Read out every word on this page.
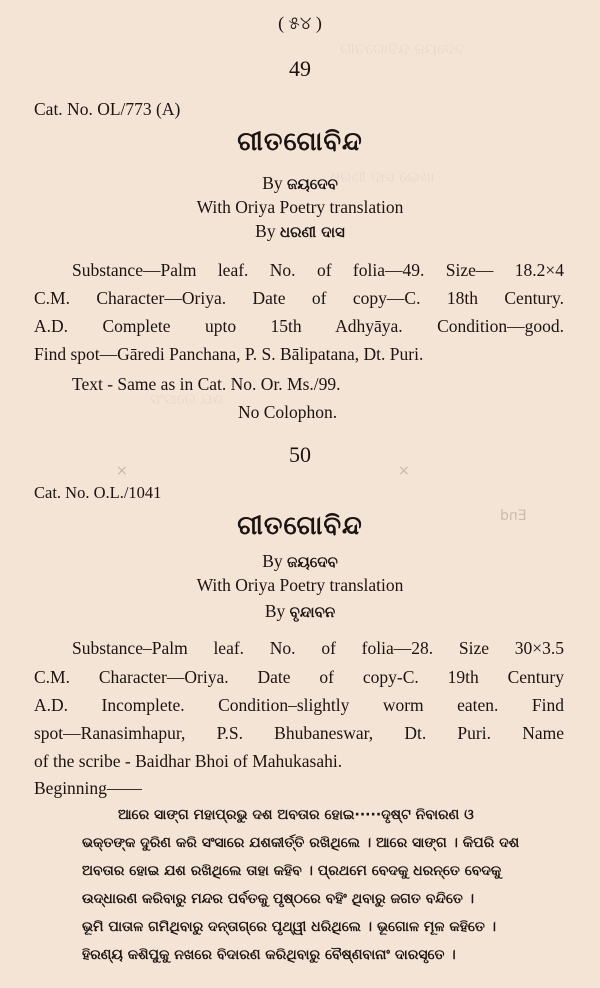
ଗୀତଗୋବିନ୍ଦ ଜୟଦେବ
ଧରଣୀ ଦାସ ଲେଖା
ସଂସାରେ ଯଶ
×	×
End
( ୫୪ )
49
Cat. No. OL/773 (A)
ଗୀତଗୋବିନ୍ଦ
By ଜୟଦେବ
With Oriya Poetry translation
By ଧରଣୀ ଦାସ
Substance—Palm leaf. No. of folia—49. Size— 18.2×4
C.M. Character—Oriya. Date of copy—C. 18th Century.
A.D. Complete upto 15th Adhyāya. Condition—good.
Find spot—Gāredi Panchana, P. S. Bālipatana, Dt. Puri.
Text - Same as in Cat. No. Or. Ms./99.
No Colophon.
50
Cat. No. O.L./1041
ଗୀତଗୋବିନ୍ଦ
By ଜୟଦେବ
With Oriya Poetry translation
By ବୃନ୍ଦାବନ
Substance–Palm leaf. No. of folia—28. Size 30×3.5
C.M. Character—Oriya. Date of copy-C. 19th Century
A.D. Incomplete. Condition–slightly worm eaten. Find
spot—Ranasimhapur, P.S. Bhubaneswar, Dt. Puri. Name
of the scribe - Baidhar Bhoi of Mahukasahi.
Beginning——
ଆରେ ସାଙ୍ଗ ମହାପ୍ରଭୁ ଦଶ ଅବତାର ହୋଇ·····ଦୃଷ୍ଟ ନିବାରଣ ଓ
ଭକ୍ତଙ୍କ ଦୁରିଣ କରି ସଂସାରେ ଯଶକୀର୍ତ୍ତି ରଖିଥିଲେ । ଆରେ ସାଙ୍ଗ । କିପରି ଦଶ
ଅବତାର ହୋଇ ଯଶ ରଖିଥିଲେ ତାହା କହିବ । ପ୍ରଥମେ ବେଦକୁ ଧରନ୍ତେ ବେଦକୁ
ଉଦ୍ଧାରଣ କରିବାରୁ ମନ୍ଦର ପର୍ବତକୁ ପୃଷ୍ଠରେ ବହିଂ ଥିବାରୁ ଜଗତ ବନ୍ଦିତେ ।
ଭୂମି ପାତାଳ ଗମିଥିବାରୁ ଦନ୍ତାଗ୍ରେ ପୃଥ୍ୱୀ ଧରିଥିଲେ । ଭୂଗୋଳ ମୂଳ କହିତେ ।
ହିରଣ୍ୟ କଶିପୁକୁ ନଖରେ ବିଦାରଣ କରିଥିବାରୁ ବୈଷ୍ଣବାନାଂ ଦାରସୃତେ ।
